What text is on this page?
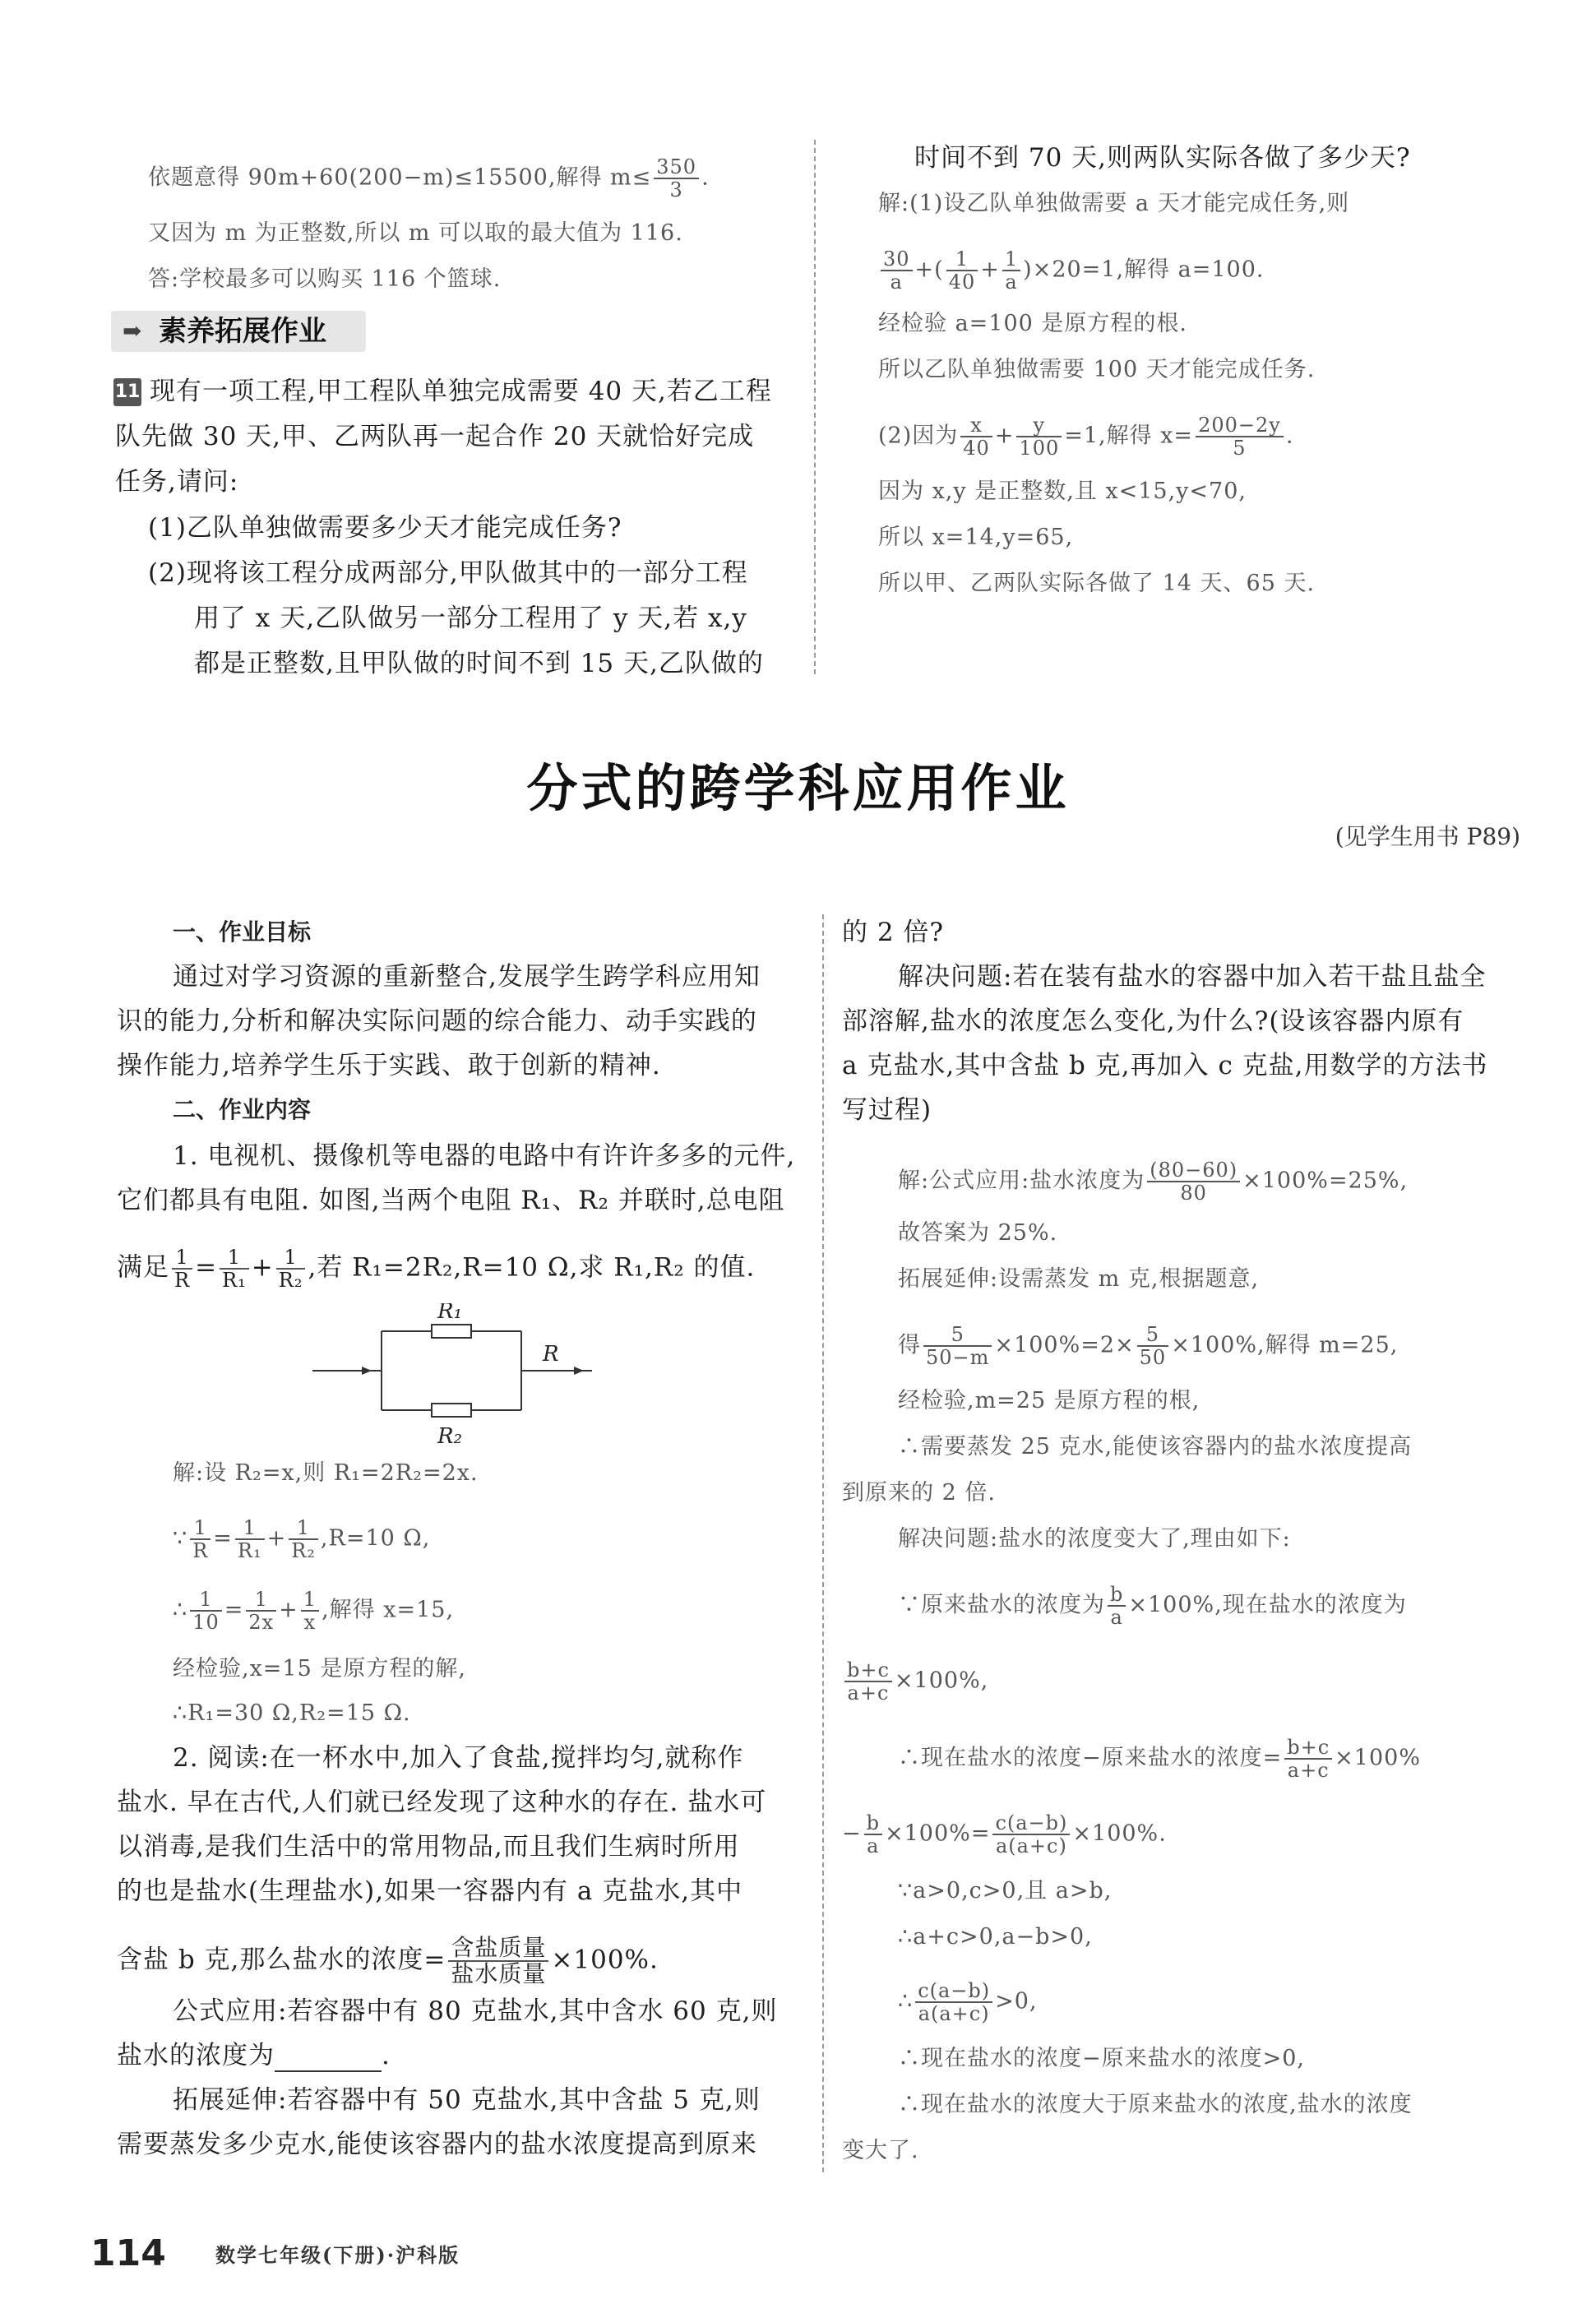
依题意得 90m+60(200−m)≤15500,解得 $m\le \frac{350}{3}$ .
又因为 m 为正整数,所以 m 可以取的最大值为 116.
答:学校最多可以购买 116 个篮球.
➡ 素养拓展作业
11 现有一项工程,甲工程队单独完成需要 40 天,若乙工程
队先做 30 天,甲、乙两队再一起合作 20 天就恰好完成
任务,请问:
(1)乙队单独做需要多少天才能完成任务?
(2)现将该工程分成两部分,甲队做其中的一部分工程
用了 x 天,乙队做另一部分工程用了 y 天,若 x,y
都是正整数,且甲队做的时间不到 15 天,乙队做的
时间不到 70 天,则两队实际各做了多少天?
解:(1)设乙队单独做需要 a 天才能完成任务,则
$\frac{30}{a}$ +( $\frac{1}{40} + \frac{1}{a} )\times 20=1$,解得 a=100.
经检验 a=100 是原方程的根.
所以乙队单独做需要 100 天才能完成任务.
(2)因为 $\frac{x}{40} + \frac{y}{100} =1$,解得 $x= \frac{200-2y}{5}$ .
因为 x,y 是正整数,且 x<15,y<70,
所以 x=14,y=65,
所以甲、乙两队实际各做了 14 天、65 天.
分式的跨学科应用作业
(见学生用书 P89)
一、作业目标
通过对学习资源的重新整合,发展学生跨学科应用知
识的能力,分析和解决实际问题的综合能力、动手实践的
操作能力,培养学生乐于实践、敢于创新的精神.
二、作业内容
1. 电视机、摄像机等电器的电路中有许许多多的元件,
它们都具有电阻. 如图,当两个电阻 R₁、R₂ 并联时,总电阻
满足 $\frac{1}{R} = \frac{1}{\text{R₁}} + \frac{1}{\text{R₂}}$ ,若 R₁=2R₂,R=10 Ω,求 R₁,R₂ 的值.
R₁
R₂
R
解:设 R₂=x,则 R₁=2R₂=2x.
∵ $\frac{1}{R} = \frac{1}{\text{R₁}} + \frac{1}{\text{R₂}} ,R=10$ Ω,
∴ $\frac{1}{10} = \frac{1}{2x} + \frac{1}{x}$ ,解得 x=15,
经检验,x=15 是原方程的解,
∴R₁=30 Ω,R₂=15 Ω.
2. 阅读:在一杯水中,加入了食盐,搅拌均匀,就称作
盐水. 早在古代,人们就已经发现了这种水的存在. 盐水可
以消毒,是我们生活中的常用物品,而且我们生病时所用
的也是盐水(生理盐水),如果一容器内有 a 克盐水,其中
含盐 b 克,那么盐水的浓度= $\frac{\text{含盐质量}}{\text{盐水质量}} \times 100\%$.
公式应用:若容器中有 80 克盐水,其中含水 60 克,则
盐水的浓度为	.
拓展延伸:若容器中有 50 克盐水,其中含盐 5 克,则
需要蒸发多少克水,能使该容器内的盐水浓度提高到原来
的 2 倍?
解决问题:若在装有盐水的容器中加入若干盐且盐全
部溶解,盐水的浓度怎么变化,为什么?(设该容器内原有
a 克盐水,其中含盐 b 克,再加入 c 克盐,用数学的方法书
写过程)
解:公式应用:盐水浓度为 $\frac{(80-60)}{80} \times 100\%=25\%$,
故答案为 25%.
拓展延伸:设需蒸发 m 克,根据题意,
得 $\frac{5}{50-m} \times 100\%=2\times \frac{5}{50} \times 100\%$,解得 m=25,
经检验,m=25 是原方程的根,
∴需要蒸发 25 克水,能使该容器内的盐水浓度提高
到原来的 2 倍.
解决问题:盐水的浓度变大了,理由如下:
∵原来盐水的浓度为 $\frac{b}{a} \times 100\%$,现在盐水的浓度为
$\frac{b+c}{a+c} \times 100\%$,
∴现在盐水的浓度−原来盐水的浓度= $\frac{b+c}{a+c} \times 100\%$
− $\frac{b}{a} \times 100\%= \frac{c(a-b)}{a(a+c)} \times 100\%$.
∵a>0,c>0,且 a>b,
∴a+c>0,a−b>0,
∴ $\frac{c(a-b)}{a(a+c)} >0$,
∴现在盐水的浓度−原来盐水的浓度>0,
∴现在盐水的浓度大于原来盐水的浓度,盐水的浓度
变大了.
114	数学七年级(下册)·沪科版
